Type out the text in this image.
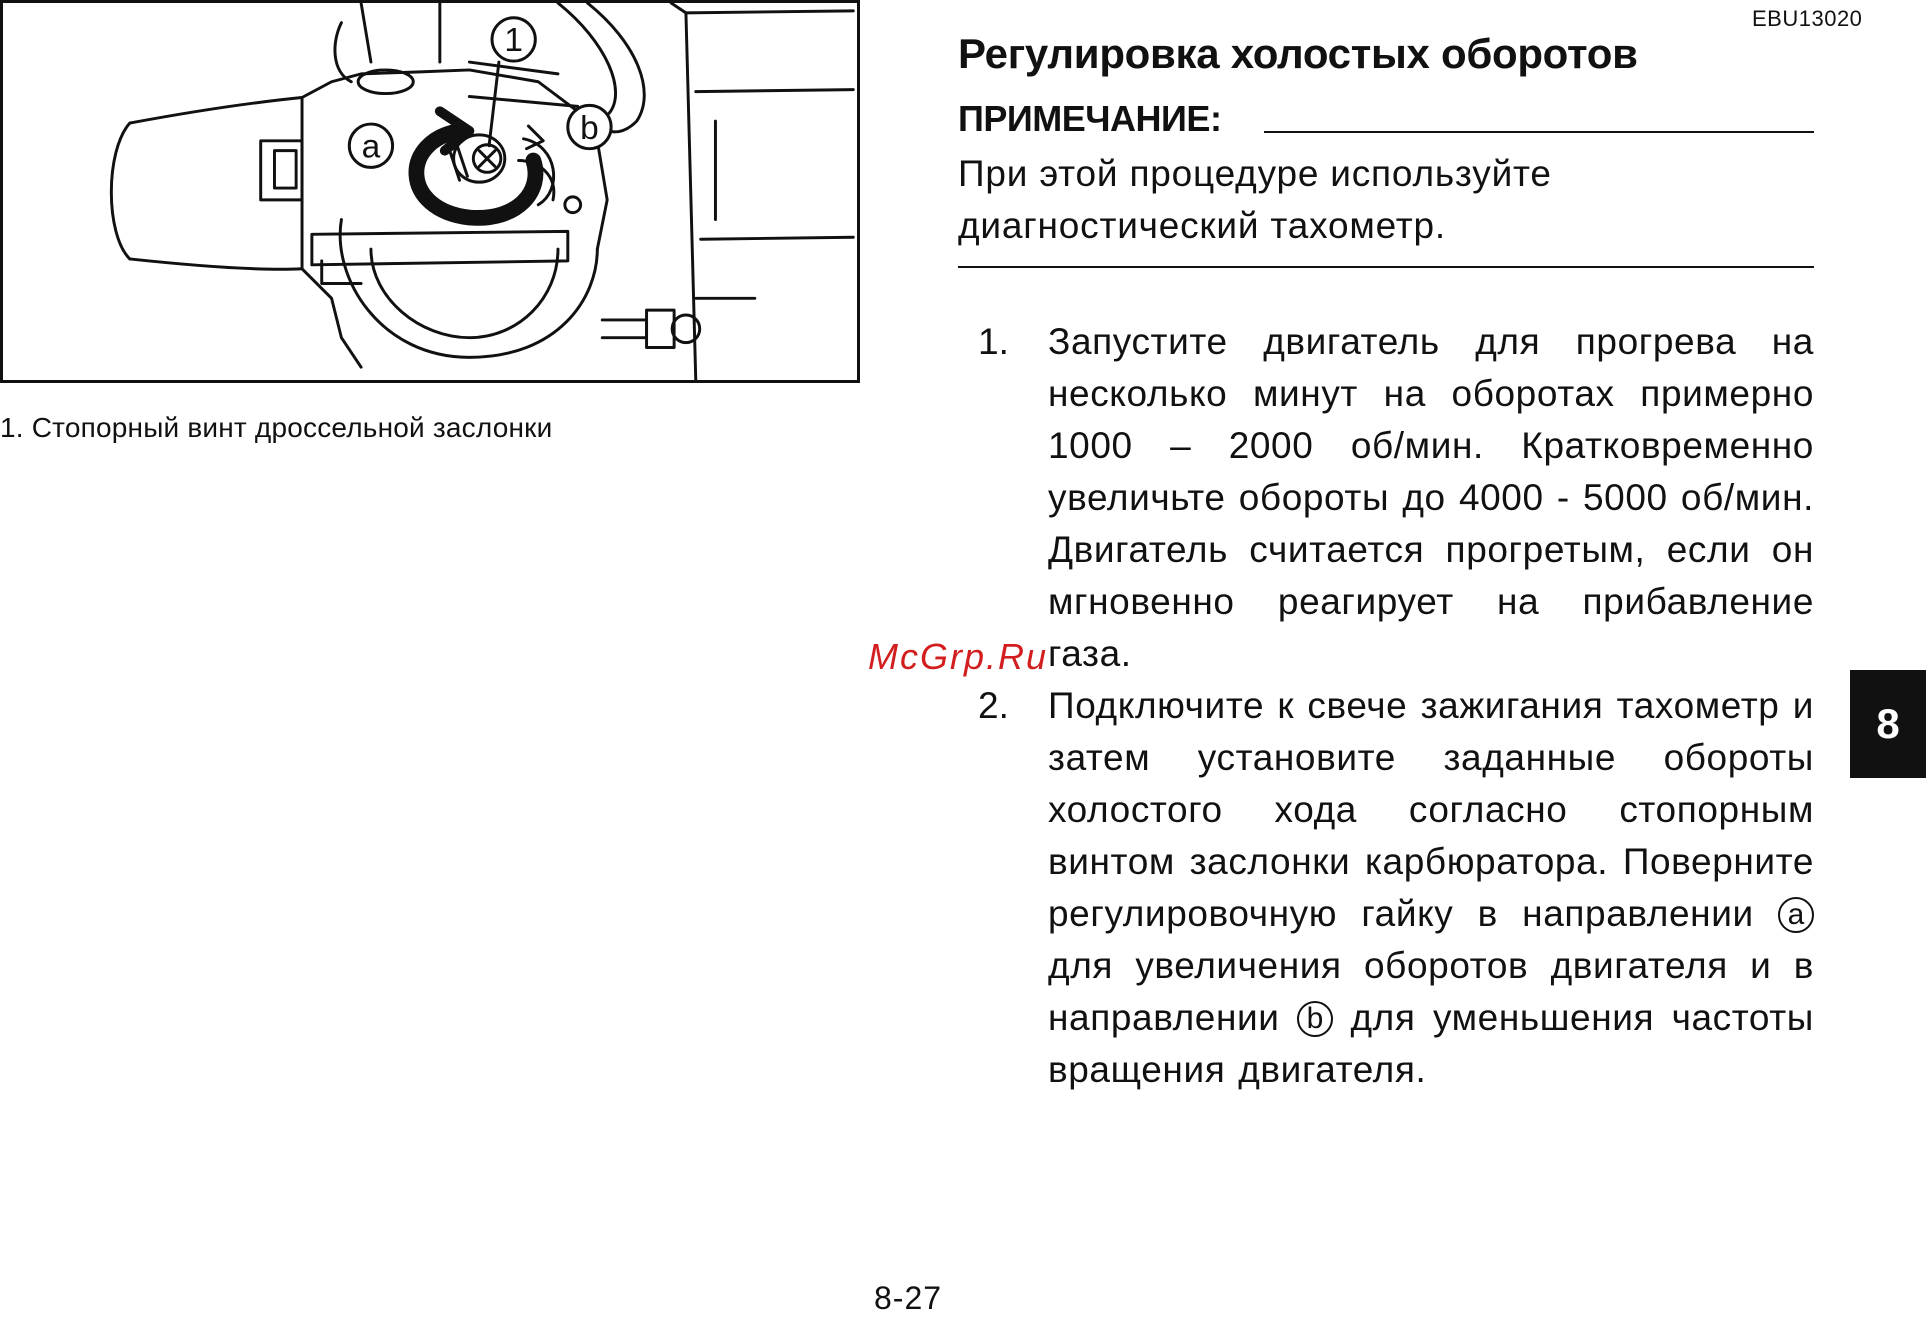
1
a
b
1. Стопорный винт дроссельной заслонки
EBU13020
Регулировка холостых оборотов
ПРИМЕЧАНИЕ:
При этой процедуре используйте диагностический тахометр.
1. Запустите двигатель для прогрева на несколько минут на оборотах примерно 1000 – 2000 об/мин. Кратковременно увеличьте обороты до 4000 - 5000 об/мин. Двигатель считается прогретым, если он мгновенно реагирует на прибавление газа.
2. Подключите к свече зажигания тахометр и затем установите заданные обороты холостого хода согласно стопорным винтом заслонки карбюратора. Поверните регулировочную гайку в направлении a для увеличения оборотов двигателя и в направлении b для уменьшения частоты вращения двигателя.
8
McGrp.Ru
8-27
